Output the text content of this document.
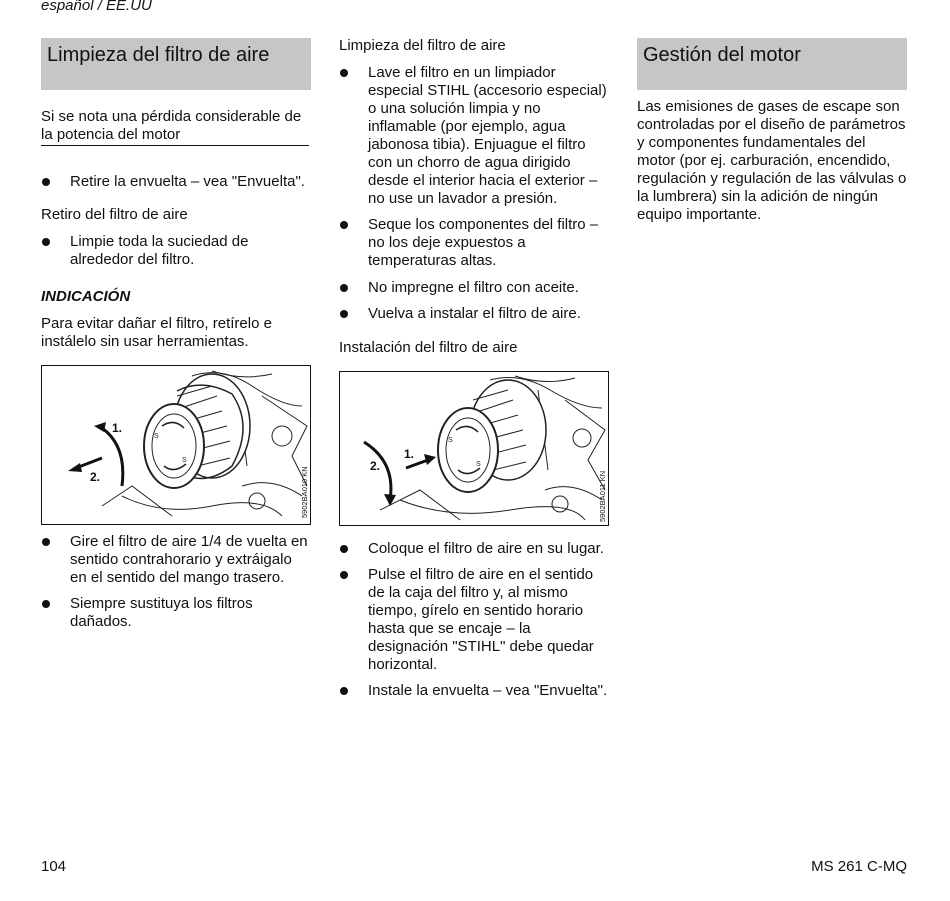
español / EE.UU
Limpieza del filtro de aire
Si se nota una pérdida considerable de la potencia del motor
Retire la envuelta – vea "Envuelta".
Retiro del filtro de aire
Limpie toda la suciedad de alrededor del filtro.
INDICACIÓN
Para evitar dañar el filtro, retírelo e instálelo sin usar herramientas.
S
S
1.
2.	5902BA010 KN
Gire el filtro de aire 1/4 de vuelta en sentido contrahorario y extráigalo en el sentido del mango trasero.
Siempre sustituya los filtros dañados.
Limpieza del filtro de aire
Lave el filtro en un limpiador especial STIHL (accesorio especial) o una solución limpia y no inflamable (por ejemplo, agua jabonosa tibia). Enjuague el filtro con un chorro de agua dirigido desde el interior hacia el exterior – no use un lavador a presión.
Seque los componentes del filtro – no los deje expuestos a temperaturas altas.
No impregne el filtro con aceite.
Vuelva a instalar el filtro de aire.
Instalación del filtro de aire
S
S
1.
2.
5902BA011 KN
Coloque el filtro de aire en su lugar.
Pulse el filtro de aire en el sentido de la caja del filtro y, al mismo tiempo, gírelo en sentido horario hasta que se encaje – la designación "STIHL" debe quedar horizontal.
Instale la envuelta – vea "Envuelta".
Gestión del motor
Las emisiones de gases de escape son controladas por el diseño de parámetros y componentes fundamentales del motor (por ej. carburación, encendido, regulación y regulación de las válvulas o la lumbrera) sin la adición de ningún equipo importante.
104	MS 261 C-MQ
